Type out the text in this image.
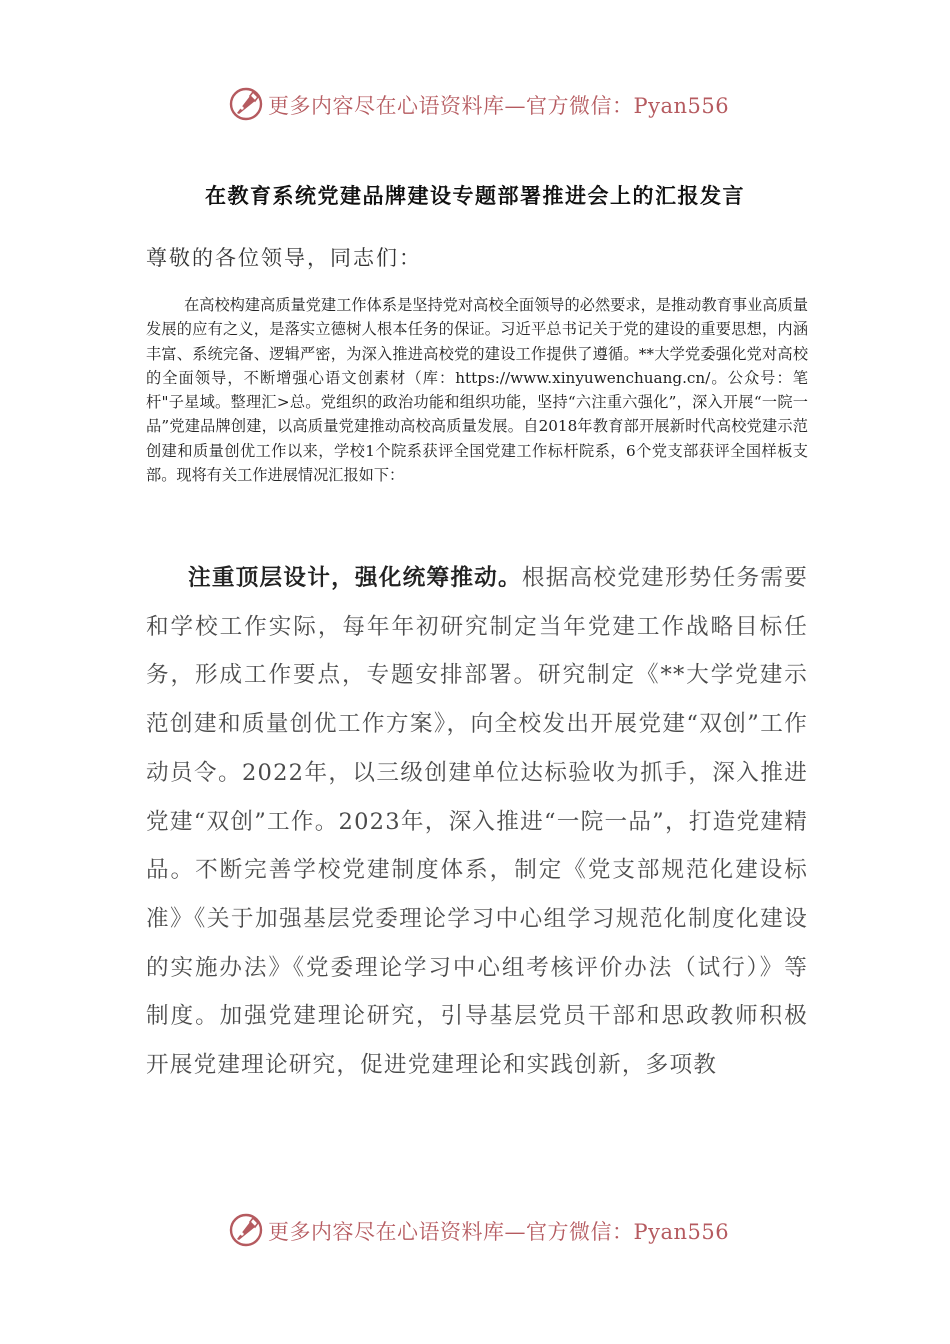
更多内容尽在心语资料库—官方微信：Pyan556
在教育系统党建品牌建设专题部署推进会上的汇报发言
尊敬的各位领导，同志们：

在高校构建高质量党建工作体系是坚持党对高校全面领导的必然要求，是推动教育事业高质量发展的应有之义，是落实立德树人根本任务的保证。习近平总书记关于党的建设的重要思想，内涵丰富、系统完备、逻辑严密，为深入推进高校党的建设工作提供了遵循。**大学党委强化党对高校的全面领导，不断增强心语文创素材（库：https://www.xinyuwenchuang.cn/。公众号：笔杆"子星域。整理汇>总。党组织的政治功能和组织功能，坚持“六注重六强化”，深入开展“一院一品”党建品牌创建，以高质量党建推动高校高质量发展。自2018年教育部开展新时代高校党建示范创建和质量创优工作以来，学校1个院系获评全国党建工作标杆院系，6个党支部获评全国样板支部。现将有关工作进展情况汇报如下：

注重顶层设计，强化统筹推动。根据高校党建形势任务需要和学校工作实际，每年年初研究制定当年党建工作战略目标任务，形成工作要点，专题安排部署。研究制定《**大学党建示范创建和质量创优工作方案》，向全校发出开展党建“双创”工作动员令。2022年，以三级创建单位达标验收为抓手，深入推进党建“双创”工作。2023年，深入推进“一院一品”，打造党建精品。不断完善学校党建制度体系，制定《党支部规范化建设标准》《关于加强基层党委理论学习中心组学习规范化制度化建设的实施办法》《党委理论学习中心组考核评价办法（试行）》等制度。加强党建理论研究，引导基层党员干部和思政教师积极开展党建理论研究，促进党建理论和实践创新，多项教

更多内容尽在心语资料库—官方微信：Pyan556
